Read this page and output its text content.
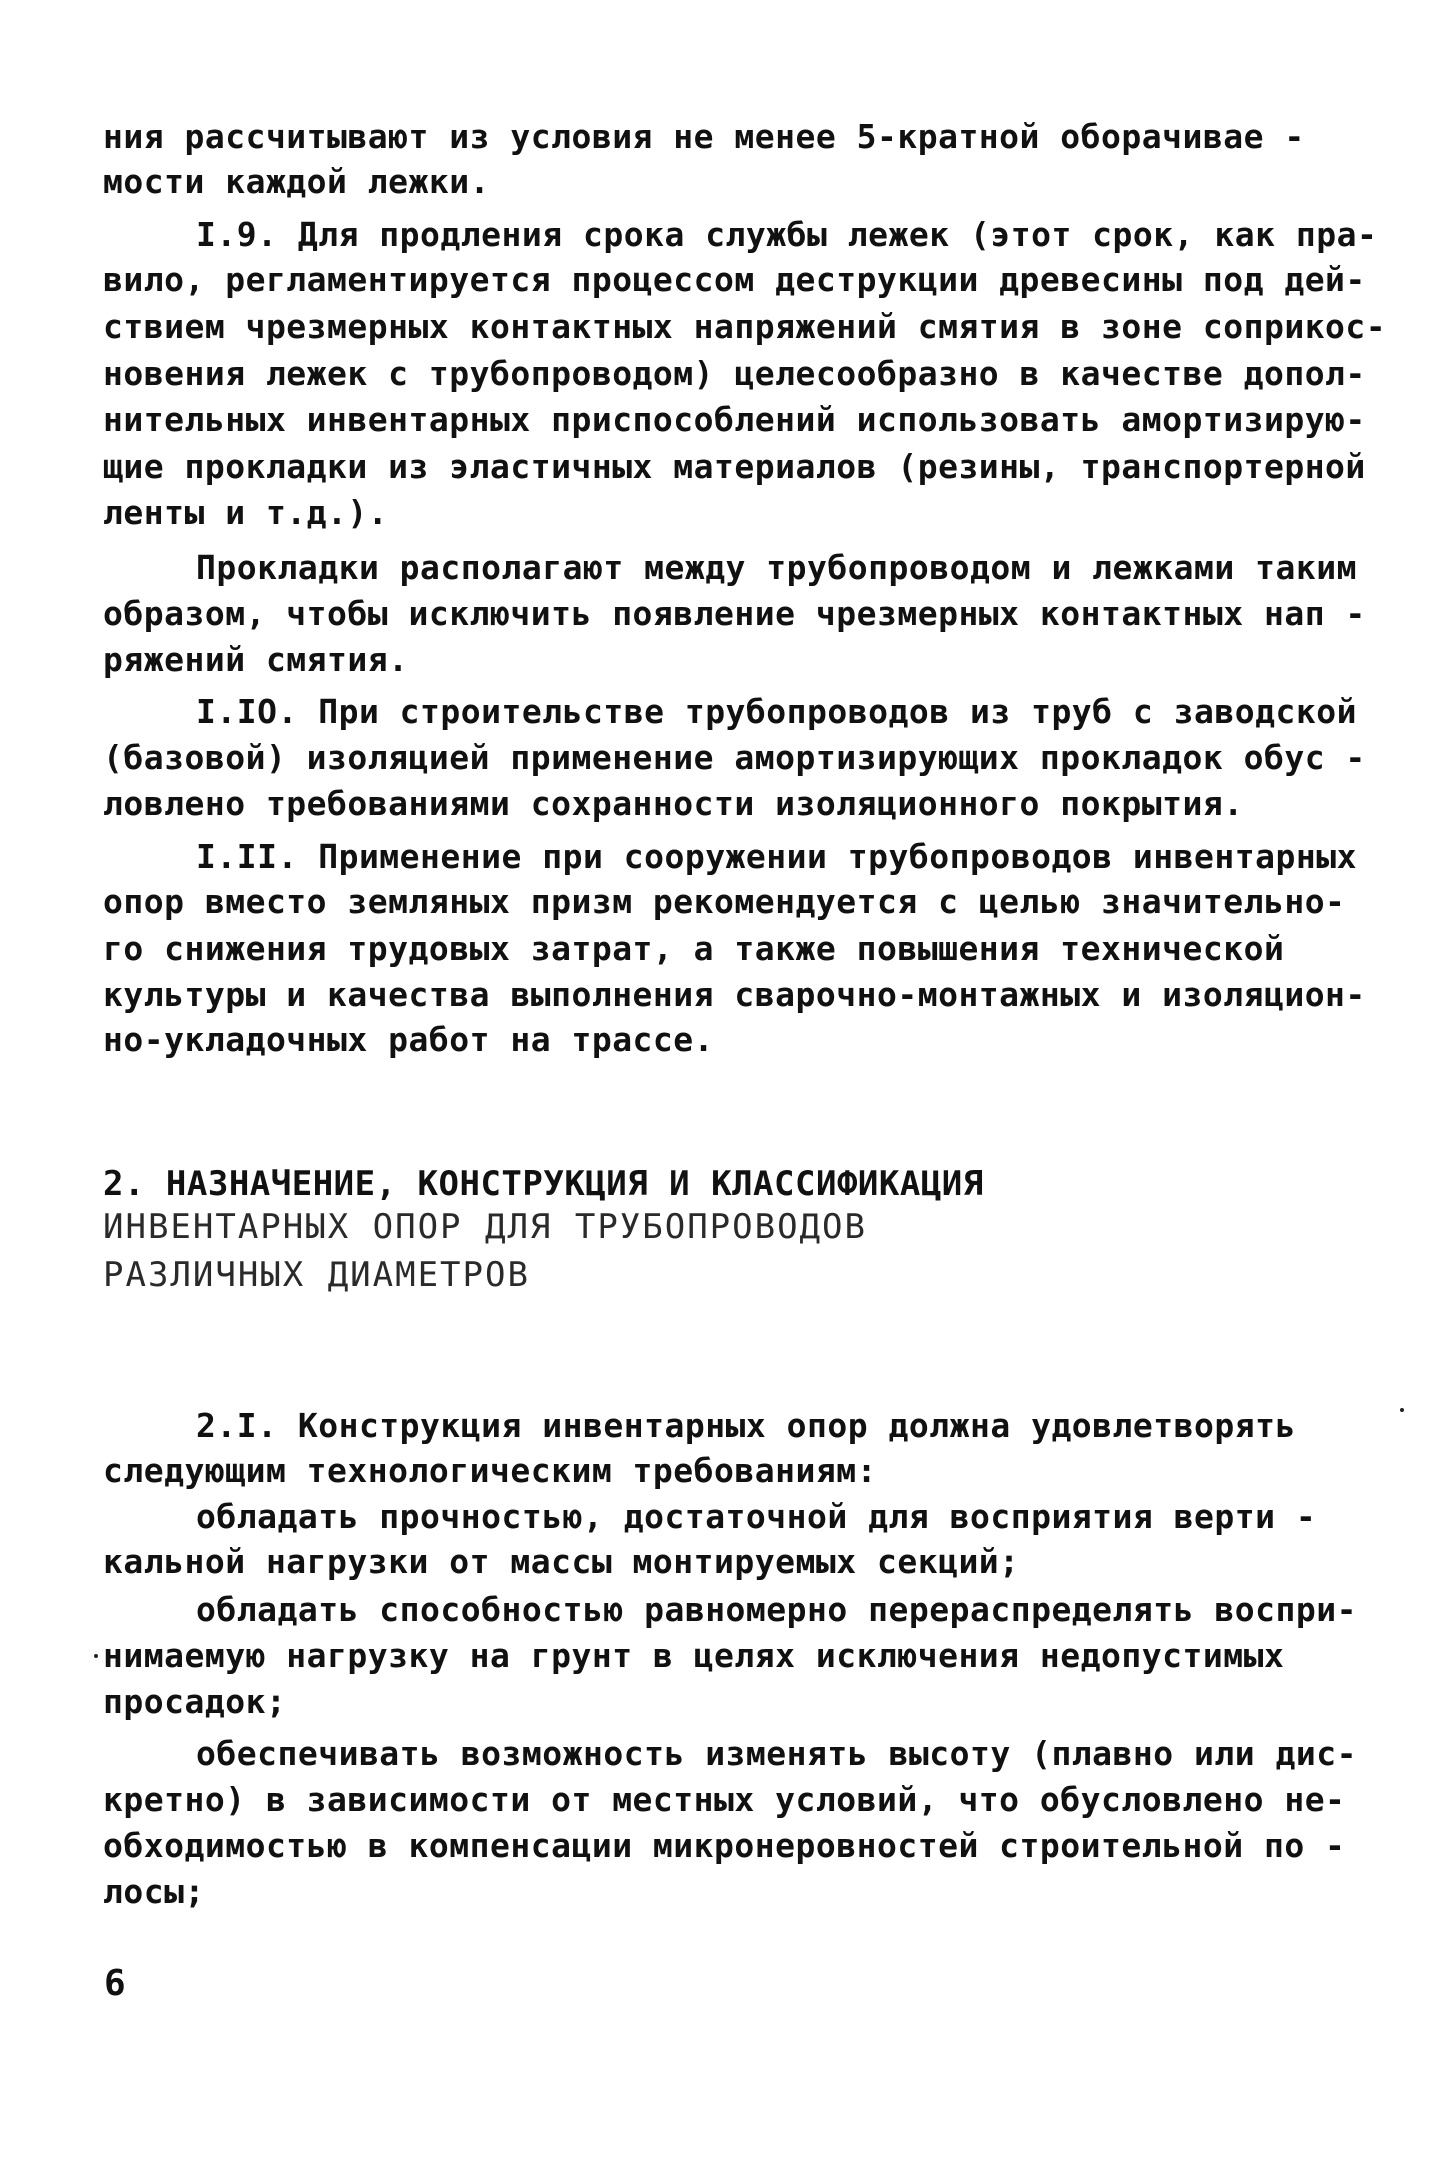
ния рассчитывают из условия не менее 5-кратной оборачивае -
мости каждой лежки.
I.9. Для продления срока службы лежек (этот срок, как пра-
вило, регламентируется процессом деструкции древесины под дей-
ствием чрезмерных контактных напряжений смятия в зоне соприкос-
новения лежек с трубопроводом) целесообразно в качестве допол-
нительных инвентарных приспособлений использовать амортизирую-
щие прокладки из эластичных материалов (резины, транспортерной
ленты и т.д.).
Прокладки располагают между трубопроводом и лежками таким
образом, чтобы исключить появление чрезмерных контактных нап -
ряжений смятия.
I.IO. При строительстве трубопроводов из труб с заводской
(базовой) изоляцией применение амортизирующих прокладок обус -
ловлено требованиями сохранности изоляционного покрытия.
I.II. Применение при сооружении трубопроводов инвентарных
опор вместо земляных призм рекомендуется с целью значительно-
го снижения трудовых затрат, а также повышения технической
культуры и качества выполнения сварочно-монтажных и изоляцион-
но-укладочных работ на трассе.
2. НАЗНАЧЕНИЕ, КОНСТРУКЦИЯ И КЛАССИФИКАЦИЯ
ИНВЕНТАРНЫХ ОПОР ДЛЯ ТРУБОПРОВОДОВ
РАЗЛИЧНЫХ ДИАМЕТРОВ
2.I. Конструкция инвентарных опор должна удовлетворять
следующим технологическим требованиям:
обладать прочностью, достаточной для восприятия верти -
кальной нагрузки от массы монтируемых секций;
обладать способностью равномерно перераспределять воспри-
нимаемую нагрузку на грунт в целях исключения недопустимых
просадок;
обеспечивать возможность изменять высоту (плавно или дис-
кретно) в зависимости от местных условий, что обусловлено не-
обходимостью в компенсации микронеровностей строительной по -
лосы;
6
